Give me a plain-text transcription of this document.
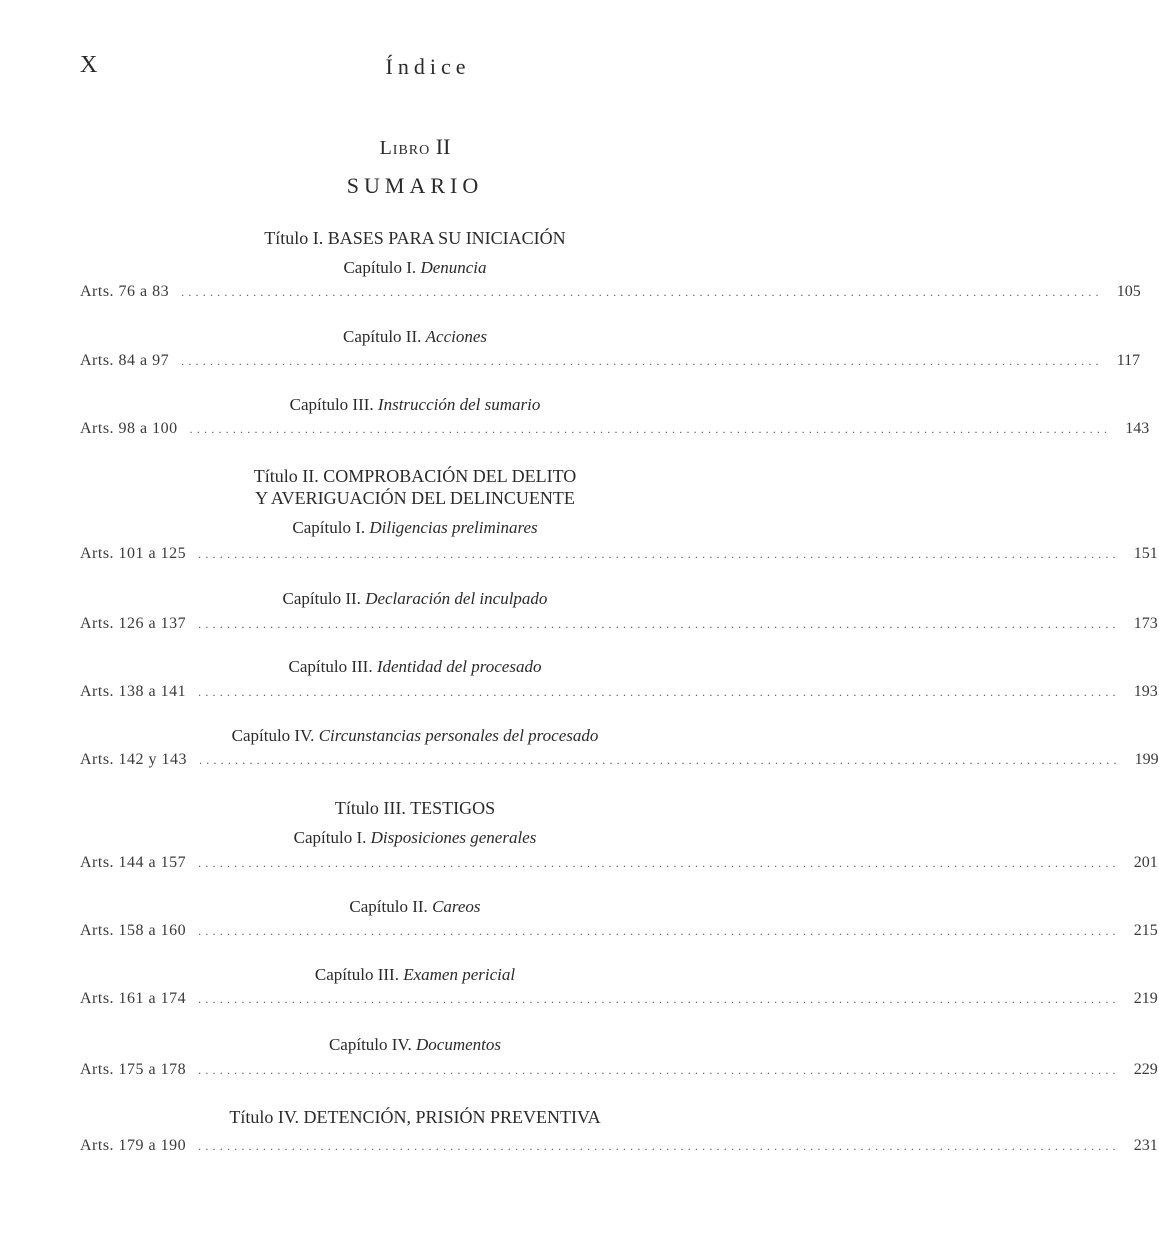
X	Índice
Libro II
SUMARIO
Título I. BASES PARA SU INICIACIÓN
Capítulo I. Denuncia
Arts. 76 a 83 ................................................................................................................................ 105
Capítulo II. Acciones
Arts. 84 a 97 ................................................................................................................................ 117
Capítulo III. Instrucción del sumario
Arts. 98 a 100 ................................................................................................................................ 143
Título II. COMPROBACIÓN DEL DELITO
Y AVERIGUACIÓN DEL DELINCUENTE
Capítulo I. Diligencias preliminares
Arts. 101 a 125 ................................................................................................................................ 151
Capítulo II. Declaración del inculpado
Arts. 126 a 137 ................................................................................................................................ 173
Capítulo III. Identidad del procesado
Arts. 138 a 141 ................................................................................................................................ 193
Capítulo IV. Circunstancias personales del procesado
Arts. 142 y 143 ................................................................................................................................ 199
Título III. TESTIGOS
Capítulo I. Disposiciones generales
Arts. 144 a 157 ................................................................................................................................ 201
Capítulo II. Careos
Arts. 158 a 160 ................................................................................................................................ 215
Capítulo III. Examen pericial
Arts. 161 a 174 ................................................................................................................................ 219
Capítulo IV. Documentos
Arts. 175 a 178 ................................................................................................................................ 229
Título IV. DETENCIÓN, PRISIÓN PREVENTIVA
Arts. 179 a 190 ................................................................................................................................ 231
